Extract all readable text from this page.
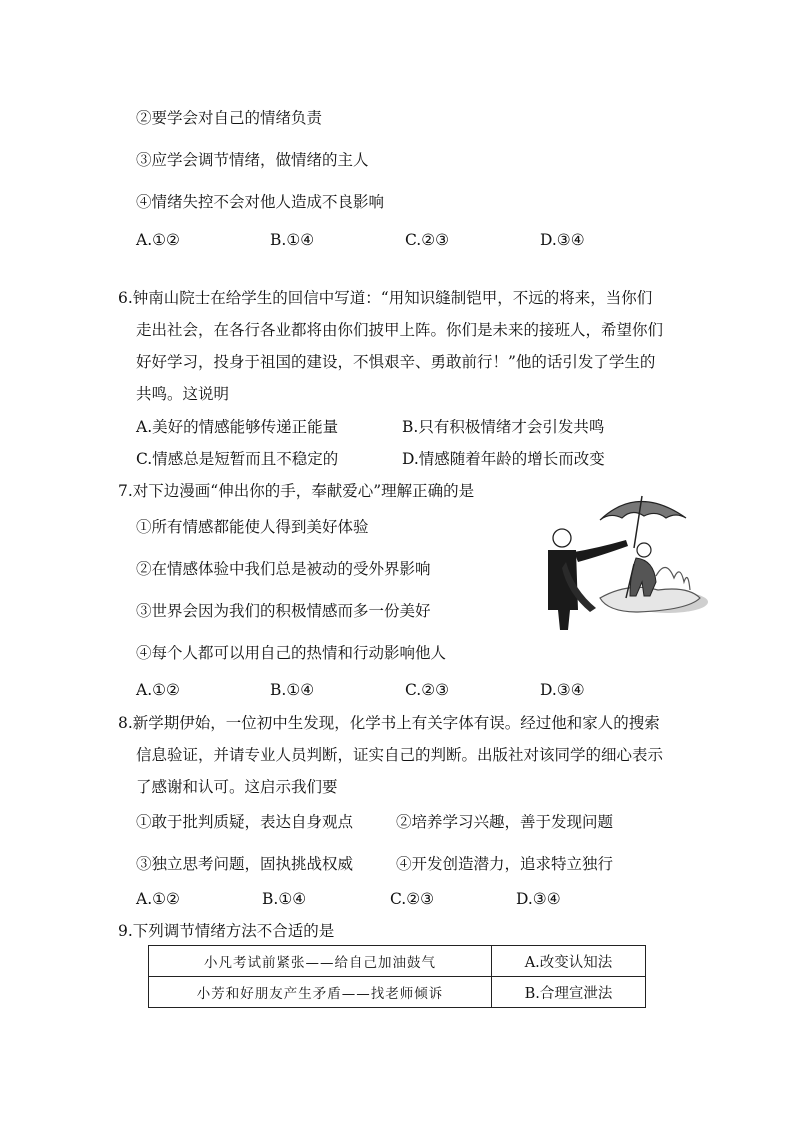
②要学会对自己的情绪负责
③应学会调节情绪，做情绪的主人
④情绪失控不会对他人造成不良影响
A.①②	B.①④	C.②③	D.③④
6.钟南山院士在给学生的回信中写道：“用知识缝制铠甲，不远的将来，当你们
走出社会，在各行各业都将由你们披甲上阵。你们是未来的接班人，希望你们
好好学习，投身于祖国的建设，不惧艰辛、勇敢前行！”他的话引发了学生的
共鸣。这说明
A.美好的情感能够传递正能量	B.只有积极情绪才会引发共鸣
C.情感总是短暂而且不稳定的	D.情感随着年龄的增长而改变
7.对下边漫画“伸出你的手，奉献爱心”理解正确的是
①所有情感都能使人得到美好体验
②在情感体验中我们总是被动的受外界影响
③世界会因为我们的积极情感而多一份美好
④每个人都可以用自己的热情和行动影响他人
A.①②	B.①④	C.②③	D.③④
8.新学期伊始，一位初中生发现，化学书上有关字体有误。经过他和家人的搜索
信息验证，并请专业人员判断，证实自己的判断。出版社对该同学的细心表示
了感谢和认可。这启示我们要
①敢于批判质疑，表达自身观点	②培养学习兴趣，善于发现问题
③独立思考问题，固执挑战权威	④开发创造潜力，追求特立独行
A.①②	B.①④	C.②③	D.③④
9.下列调节情绪方法不合适的是
小凡考试前紧张——给自己加油鼓气	A.改变认知法
小芳和好朋友产生矛盾——找老师倾诉	B.合理宣泄法
